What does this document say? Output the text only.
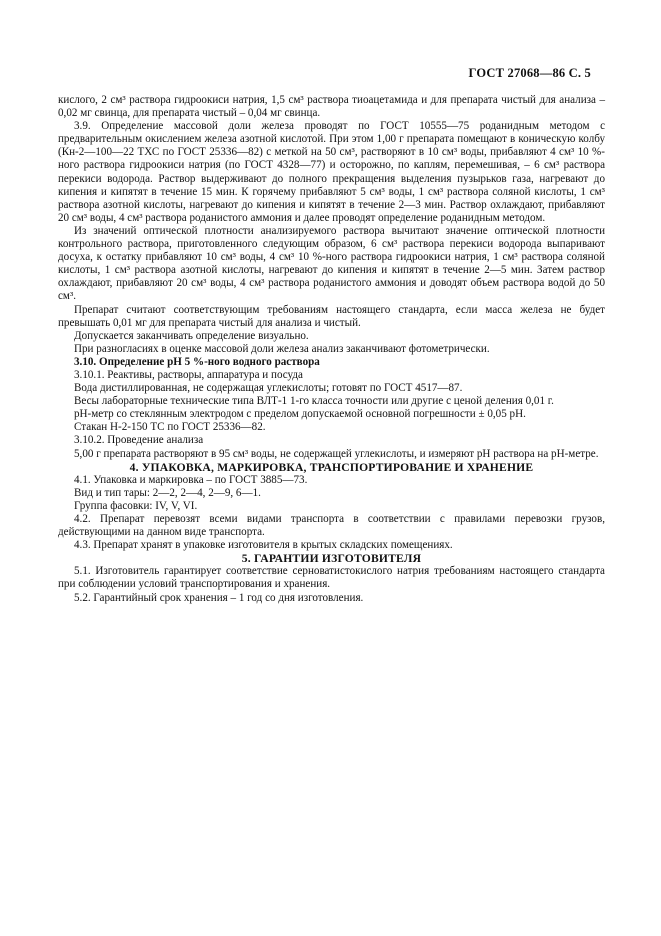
ГОСТ 27068—86 С. 5

кислого, 2 см³ раствора гидроокиси натрия, 1,5 см³ раствора тиоацетамида и для препарата чистый для анализа – 0,02 мг свинца, для препарата чистый – 0,04 мг свинца.

3.9. Определение массовой доли железа проводят по ГОСТ 10555—75 роданидным методом с предварительным окислением железа азотной кислотой. При этом 1,00 г препарата помещают в коническую колбу (Кн-2—100—22 ТХС по ГОСТ 25336—82) с меткой на 50 см³, растворяют в 10 см³ воды, прибавляют 4 см³ 10 %-ного раствора гидроокиси натрия (по ГОСТ 4328—77) и осторожно, по каплям, перемешивая, – 6 см³ раствора перекиси водорода. Раствор выдерживают до полного прекращения выделения пузырьков газа, нагревают до кипения и кипятят в течение 15 мин. К горячему прибавляют 5 см³ воды, 1 см³ раствора соляной кислоты, 1 см³ раствора азотной кислоты, нагревают до кипения и кипятят в течение 2—3 мин. Раствор охлаждают, прибавляют 20 см³ воды, 4 см³ раствора роданистого аммония и далее проводят определение роданидным методом.

Из значений оптической плотности анализируемого раствора вычитают значение оптической плотности контрольного раствора, приготовленного следующим образом, 6 см³ раствора перекиси водорода выпаривают досуха, к остатку прибавляют 10 см³ воды, 4 см³ 10 %-ного раствора гидроокиси натрия, 1 см³ раствора соляной кислоты, 1 см³ раствора азотной кислоты, нагревают до кипения и кипятят в течение 2—5 мин. Затем раствор охлаждают, прибавляют 20 см³ воды, 4 см³ раствора роданистого аммония и доводят объем раствора водой до 50 см³.

Препарат считают соответствующим требованиям настоящего стандарта, если масса железа не будет превышать 0,01 мг для препарата чистый для анализа и чистый.

Допускается заканчивать определение визуально.

При разногласиях в оценке массовой доли железа анализ заканчивают фотометрически.

3.10. Определение рН 5 %-ного водного раствора

3.10.1. Реактивы, растворы, аппаратура и посуда

Вода дистиллированная, не содержащая углекислоты; готовят по ГОСТ 4517—87.

Весы лабораторные технические типа ВЛТ-1 1-го класса точности или другие с ценой деления 0,01 г.

рН-метр со стеклянным электродом с пределом допускаемой основной погрешности ± 0,05 рН.

Стакан Н-2-150 ТС по ГОСТ 25336—82.

3.10.2. Проведение анализа

5,00 г препарата растворяют в 95 см³ воды, не содержащей углекислоты, и измеряют рН раствора на рН-метре.

4. УПАКОВКА, МАРКИРОВКА, ТРАНСПОРТИРОВАНИЕ И ХРАНЕНИЕ

4.1. Упаковка и маркировка – по ГОСТ 3885—73.

Вид и тип тары: 2—2, 2—4, 2—9, 6—1.

Группа фасовки: IV, V, VI.

4.2. Препарат перевозят всеми видами транспорта в соответствии с правилами перевозки грузов, действующими на данном виде транспорта.

4.3. Препарат хранят в упаковке изготовителя в крытых складских помещениях.

5. ГАРАНТИИ ИЗГОТОВИТЕЛЯ

5.1. Изготовитель гарантирует соответствие серноватистокислого натрия требованиям настоящего стандарта при соблюдении условий транспортирования и хранения.

5.2. Гарантийный срок хранения – 1 год со дня изготовления.
